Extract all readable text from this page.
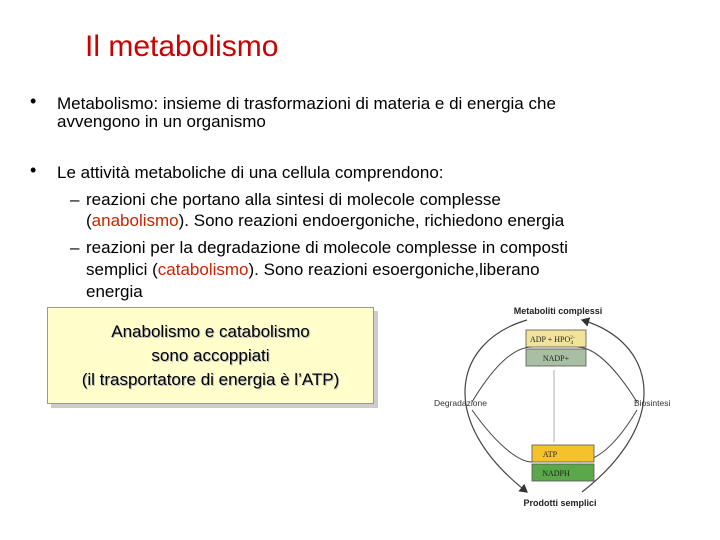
Il metabolismo
• Metabolismo: insieme di trasformazioni di materia e di energia che
avvengono in un organismo
• Le attività metaboliche di una cellula comprendono:
– reazioni che portano alla sintesi di molecole complesse
(anabolismo). Sono reazioni endoergoniche, richiedono energia
– reazioni per la degradazione di molecole complesse in composti
semplici (catabolismo). Sono reazioni esoergoniche,liberano
energia
Anabolismo e catabolismo
sono accoppiati
(il trasportatore di energia è l’ATP)
Metaboliti complessi
Prodotti semplici
Degradazione	Biosintesi
ADP + $HPO^{2-}$ 4
NADP+
ATP
NADPH
